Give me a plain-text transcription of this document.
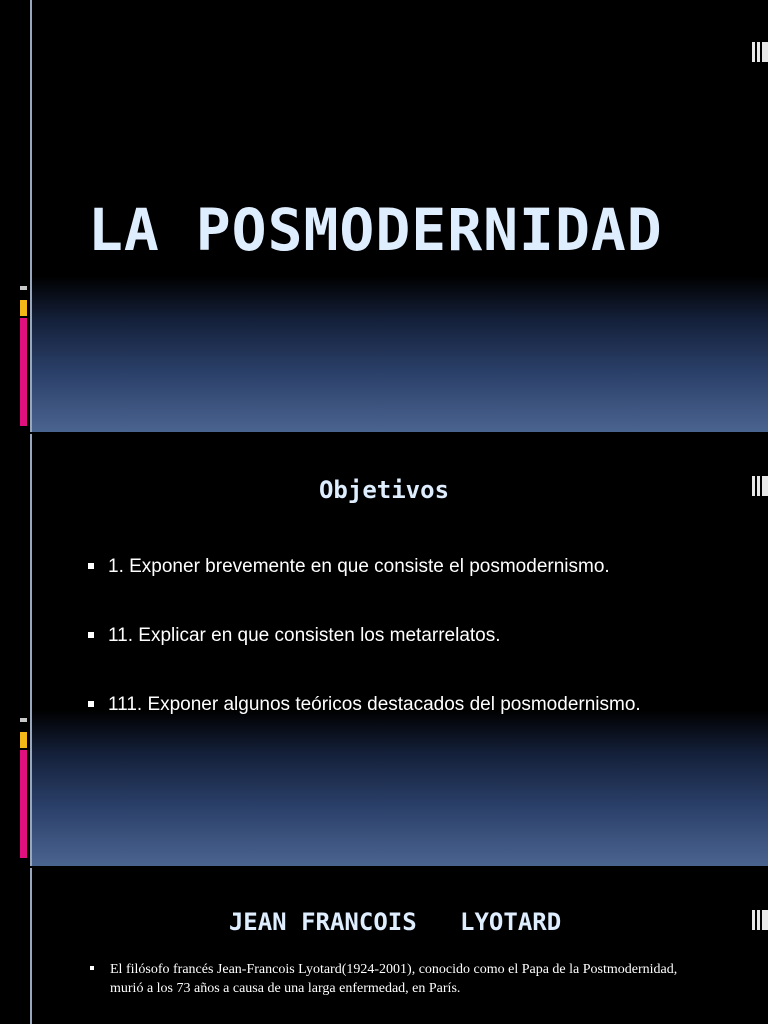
LA POSMODERNIDAD
Objetivos
1. Exponer brevemente en que consiste el posmodernismo.
11. Explicar en que consisten los metarrelatos.
111. Exponer algunos teóricos destacados del posmodernismo.
JEAN FRANCOIS   LYOTARD
El filósofo francés Jean-Francois Lyotard(1924-2001), conocido como el Papa de la Postmodernidad, murió a los 73 años a causa de una larga enfermedad, en París.
